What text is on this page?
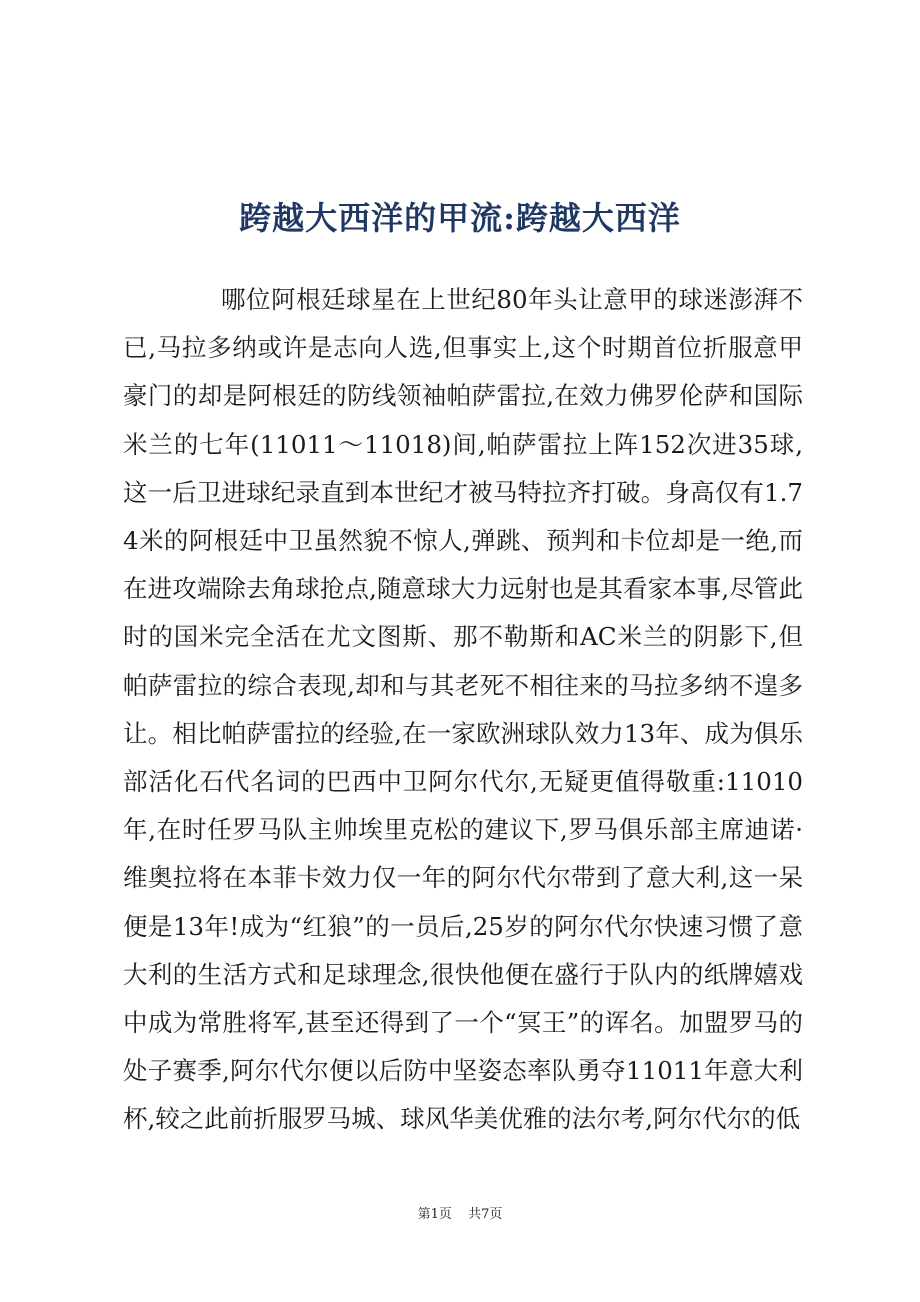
跨越大西洋的甲流:跨越大西洋

哪位阿根廷球星在上世纪80年头让意甲的球迷澎湃不已,马拉多纳或许是志向人选,但事实上,这个时期首位折服意甲豪门的却是阿根廷的防线领袖帕萨雷拉,在效力佛罗伦萨和国际米兰的七年(11011～11018)间,帕萨雷拉上阵152次进35球,这一后卫进球纪录直到本世纪才被马特拉齐打破。身高仅有1.74米的阿根廷中卫虽然貌不惊人,弹跳、预判和卡位却是一绝,而在进攻端除去角球抢点,随意球大力远射也是其看家本事,尽管此时的国米完全活在尤文图斯、那不勒斯和AC米兰的阴影下,但帕萨雷拉的综合表现,却和与其老死不相往来的马拉多纳不遑多让。相比帕萨雷拉的经验,在一家欧洲球队效力13年、成为俱乐部活化石代名词的巴西中卫阿尔代尔,无疑更值得敬重:11010年,在时任罗马队主帅埃里克松的建议下,罗马俱乐部主席迪诺·维奥拉将在本菲卡效力仅一年的阿尔代尔带到了意大利,这一呆便是13年!成为“红狼”的一员后,25岁的阿尔代尔快速习惯了意大利的生活方式和足球理念,很快他便在盛行于队内的纸牌嬉戏中成为常胜将军,甚至还得到了一个“冥王”的诨名。加盟罗马的处子赛季,阿尔代尔便以后防中坚姿态率队勇夺11011年意大利杯,较之此前折服罗马城、球风华美优雅的法尔考,阿尔代尔的低

第1页 共7页
